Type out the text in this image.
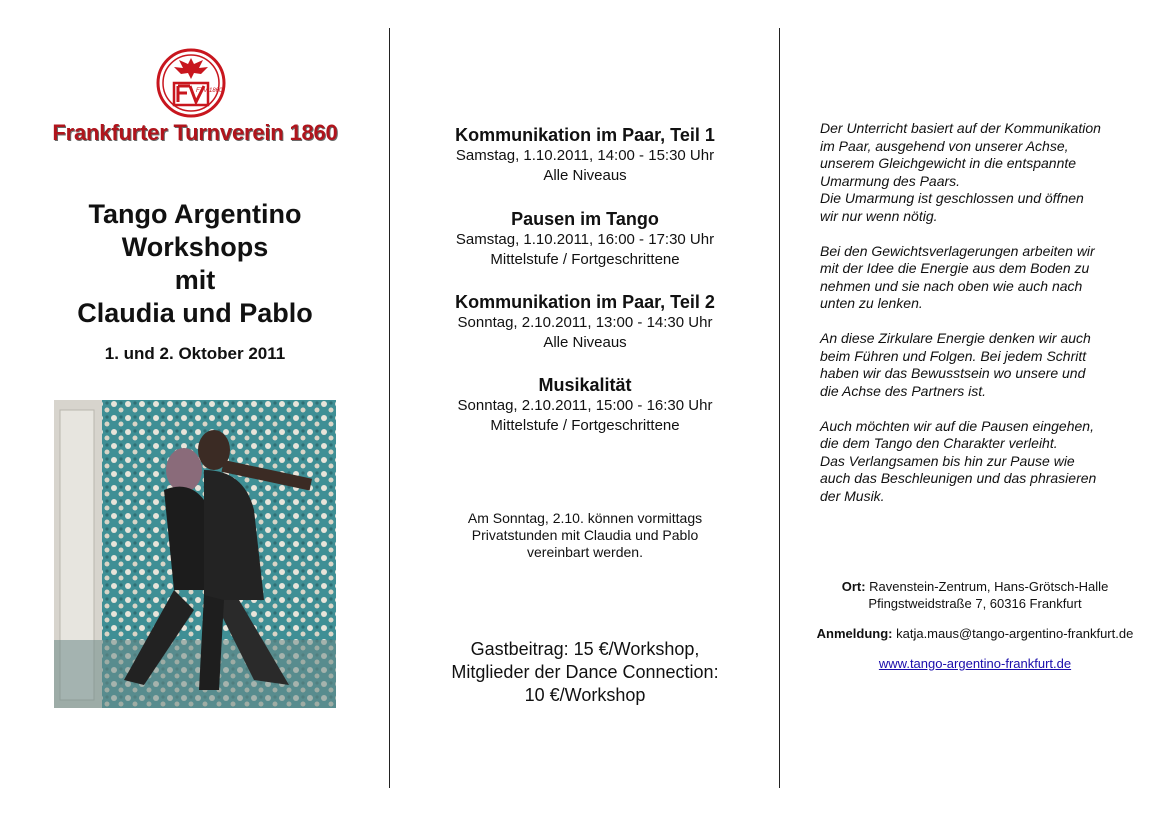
FTV 1860
Frankfurter Turnverein 1860
Tango Argentino
Workshops
mit
Claudia und Pablo
1. und 2. Oktober 2011
Kommunikation im Paar, Teil 1
Samstag, 1.10.2011, 14:00 - 15:30 Uhr
Alle Niveaus
Pausen im Tango
Samstag, 1.10.2011, 16:00 - 17:30 Uhr
Mittelstufe / Fortgeschrittene
Kommunikation im Paar, Teil 2
Sonntag, 2.10.2011, 13:00 - 14:30 Uhr
Alle Niveaus
Musikalität
Sonntag, 2.10.2011, 15:00 - 16:30 Uhr
Mittelstufe / Fortgeschrittene
Am Sonntag, 2.10. können vormittags
Privatstunden mit Claudia und Pablo
vereinbart werden.
Gastbeitrag: 15 €/Workshop,
Mitglieder der Dance Connection:
10 €/Workshop

Der Unterricht basiert auf der Kommunikation
im Paar, ausgehend von unserer Achse,
unserem Gleichgewicht in die entspannte
Umarmung des Paars.
Die Umarmung ist geschlossen und öffnen
wir nur wenn nötig.

Bei den Gewichtsverlagerungen arbeiten wir
mit der Idee die Energie aus dem Boden zu
nehmen und sie nach oben wie auch nach
unten zu lenken.

An diese Zirkulare Energie denken wir auch
beim Führen und Folgen. Bei jedem Schritt
haben wir das Bewusstsein wo unsere und
die Achse des Partners ist.

Auch möchten wir auf die Pausen eingehen,
die dem Tango den Charakter verleiht.
Das Verlangsamen bis hin zur Pause wie
auch das Beschleunigen und das phrasieren
der Musik.

Ort: Ravenstein-Zentrum, Hans-Grötsch-Halle
Pfingstweidstraße 7, 60316 Frankfurt
Anmeldung: katja.maus@tango-argentino-frankfurt.de
www.tango-argentino-frankfurt.de
